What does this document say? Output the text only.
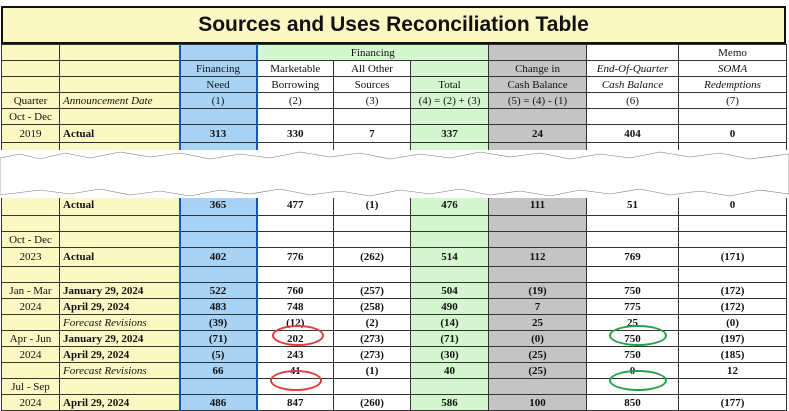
Sources and Uses Reconciliation Table
			Financing					Memo
		Financing	Marketable	All Other		Change in	End-Of-Quarter	SOMA
		Need	Borrowing	Sources	Total	Cash Balance	Cash Balance	Redemptions
Quarter	Announcement Date	(1)	(2)	(3)	(4) = (2) + (3)	(5) = (4) - (1)	(6)	(7)
Oct - Dec								
2019	Actual	313	330	7	337	24	404	0

	Actual	365	477	(1)	476	111	51	0

Oct - Dec								
2023	Actual	402	776	(262)	514	112	769	(171)

Jan - Mar	January 29, 2024	522	760	(257)	504	(19)	750	(172)
2024	April 29, 2024	483	748	(258)	490	7	775	(172)
	Forecast Revisions	(39)	(12)	(2)	(14)	25	25	(0)
Apr - Jun	January 29, 2024	(71)	202	(273)	(71)	(0)	750	(197)
2024	April 29, 2024	(5)	243	(273)	(30)	(25)	750	(185)
	Forecast Revisions	66	41	(1)	40	(25)	0	12
Jul - Sep								
2024	April 29, 2024	486	847	(260)	586	100	850	(177)
